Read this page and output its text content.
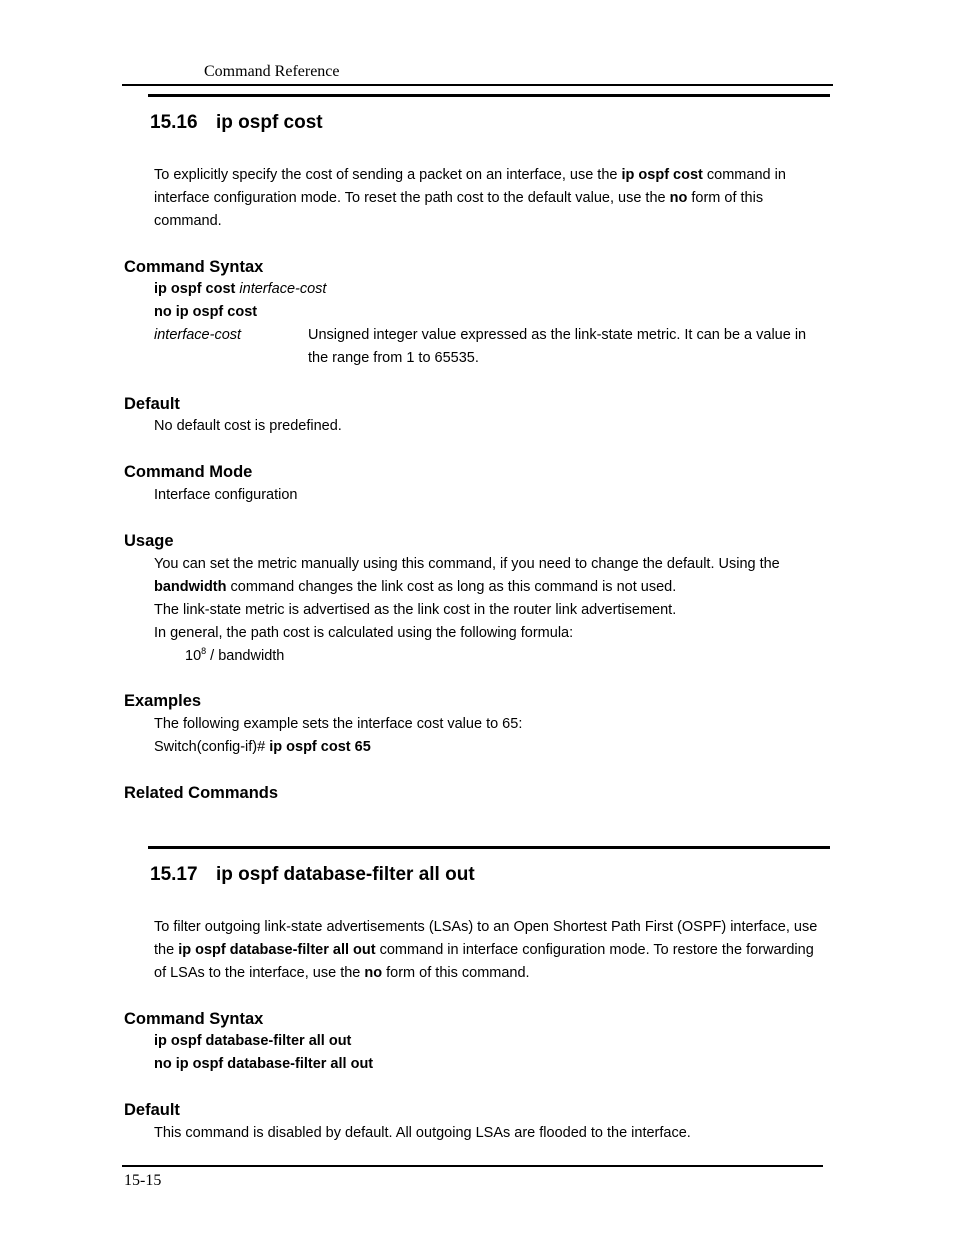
Command Reference
15.16 ip ospf cost
To explicitly specify the cost of sending a packet on an interface, use the ip ospf cost command in
interface configuration mode. To reset the path cost to the default value, use the no form of this
command.
Command Syntax
ip ospf cost interface-cost
no ip ospf cost
interface-cost	Unsigned integer value expressed as the link-state metric. It can be a value in
the range from 1 to 65535.
Default
No default cost is predefined.
Command Mode
Interface configuration
Usage
You can set the metric manually using this command, if you need to change the default. Using the
bandwidth command changes the link cost as long as this command is not used.
The link-state metric is advertised as the link cost in the router link advertisement.
In general, the path cost is calculated using the following formula:
$10^8$ / bandwidth
Examples
The following example sets the interface cost value to 65:
Switch(config-if)# ip ospf cost 65
Related Commands
15.17 ip ospf database-filter all out
To filter outgoing link-state advertisements (LSAs) to an Open Shortest Path First (OSPF) interface, use
the ip ospf database-filter all out command in interface configuration mode. To restore the forwarding
of LSAs to the interface, use the no form of this command.
Command Syntax
ip ospf database-filter all out
no ip ospf database-filter all out
Default
This command is disabled by default. All outgoing LSAs are flooded to the interface.
15-15
